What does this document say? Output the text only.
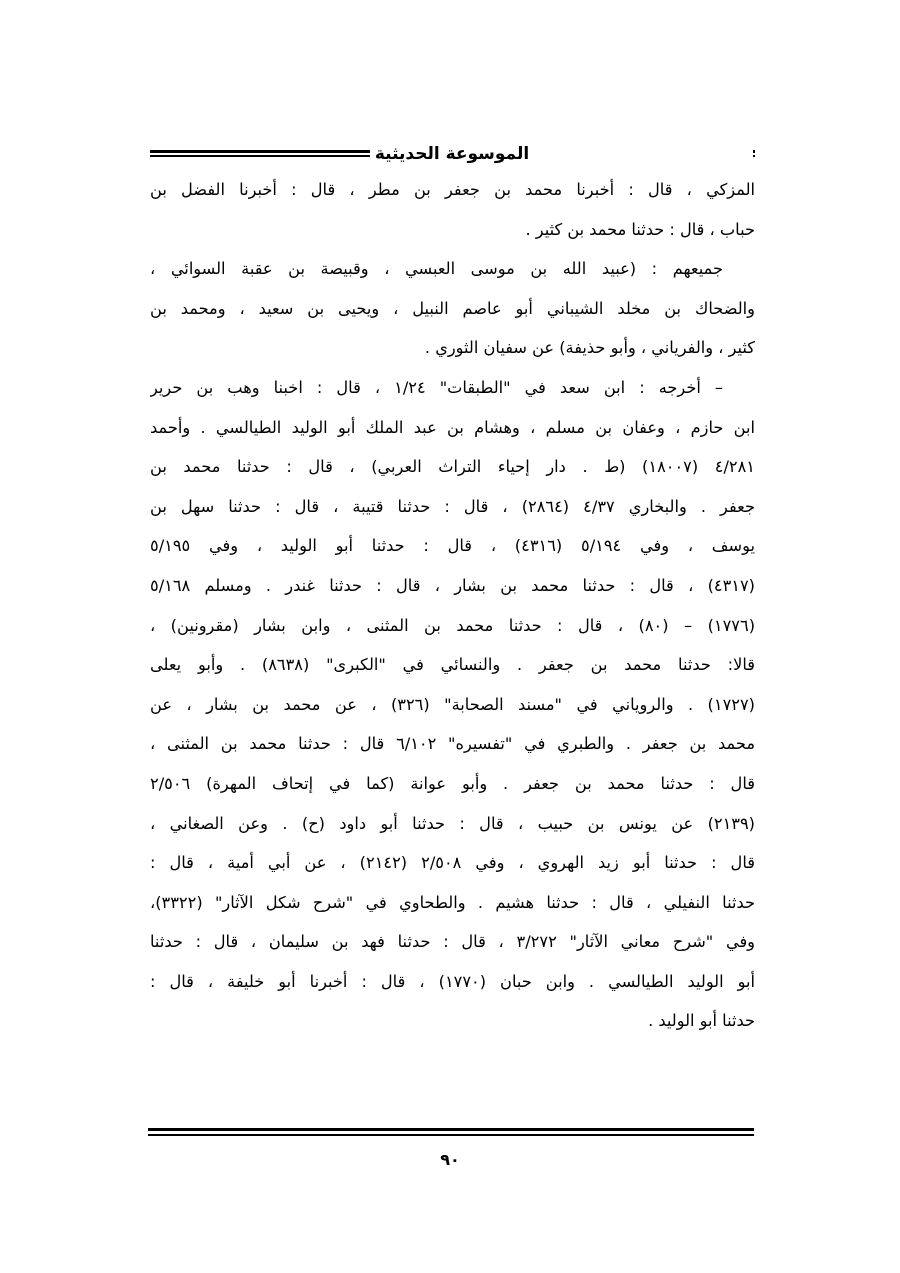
الموسوعة الحديثية
المزكي ، قال : أخبرنا محمد بن جعفر بن مطر ، قال : أخبرنا الفضل بن
حباب ، قال : حدثنا محمد بن كثير .
جميعهم : (عبيد الله بن موسى العبسي ، وقبيصة بن عقبة السوائي ،
والضحاك بن مخلد الشيباني أبو عاصم النبيل ، ويحيى بن سعيد ، ومحمد بن
كثير ، والفرياني ، وأبو حذيفة) عن سفيان الثوري .
– أخرجه : ابن سعد في "الطبقات" ١/٢٤ ، قال : اخبنا وهب بن حرير
ابن حازم ، وعفان بن مسلم ، وهشام بن عبد الملك أبو الوليد الطيالسي . وأحمد
٤/٢٨١ (١٨٠٠٧) (ط . دار إحياء التراث العربي) ، قال : حدثنا محمد بن
جعفر . والبخاري ٤/٣٧ (٢٨٦٤) ، قال : حدثنا قتيبة ، قال : حدثنا سهل بن
يوسف ، وفي ٥/١٩٤ (٤٣١٦) ، قال : حدثنا أبو الوليد ، وفي ٥/١٩٥
(٤٣١٧) ، قال : حدثنا محمد بن بشار ، قال : حدثنا غندر . ومسلم ٥/١٦٨
(١٧٧٦) – (٨٠) ، قال : حدثنا محمد بن المثنى ، وابن بشار (مقرونين) ،
قالا: حدثنا محمد بن جعفر . والنسائي في "الكبرى" (٨٦٣٨) . وأبو يعلى
(١٧٢٧) . والروياني في "مسند الصحابة" (٣٢٦) ، عن محمد بن بشار ، عن
محمد بن جعفر . والطبري في "تفسيره" ٦/١٠٢ قال : حدثنا محمد بن المثنى ،
قال : حدثنا محمد بن جعفر . وأبو عوانة (كما في إتحاف المهرة) ٢/٥٠٦
(٢١٣٩) عن يونس بن حبيب ، قال : حدثنا أبو داود (ح) . وعن الصغاني ،
قال : حدثنا أبو زيد الهروي ، وفي ٢/٥٠٨ (٢١٤٢) ، عن أبي أمية ، قال :
حدثنا النفيلي ، قال : حدثنا هشيم . والطحاوي في "شرح شكل الآثار" (٣٣٢٢)،
وفي "شرح معاني الآثار" ٣/٢٧٢ ، قال : حدثنا فهد بن سليمان ، قال : حدثنا
أبو الوليد الطيالسي . وابن حبان (١٧٧٠) ، قال : أخبرنا أبو خليفة ، قال :
حدثنا أبو الوليد .
٩٠
